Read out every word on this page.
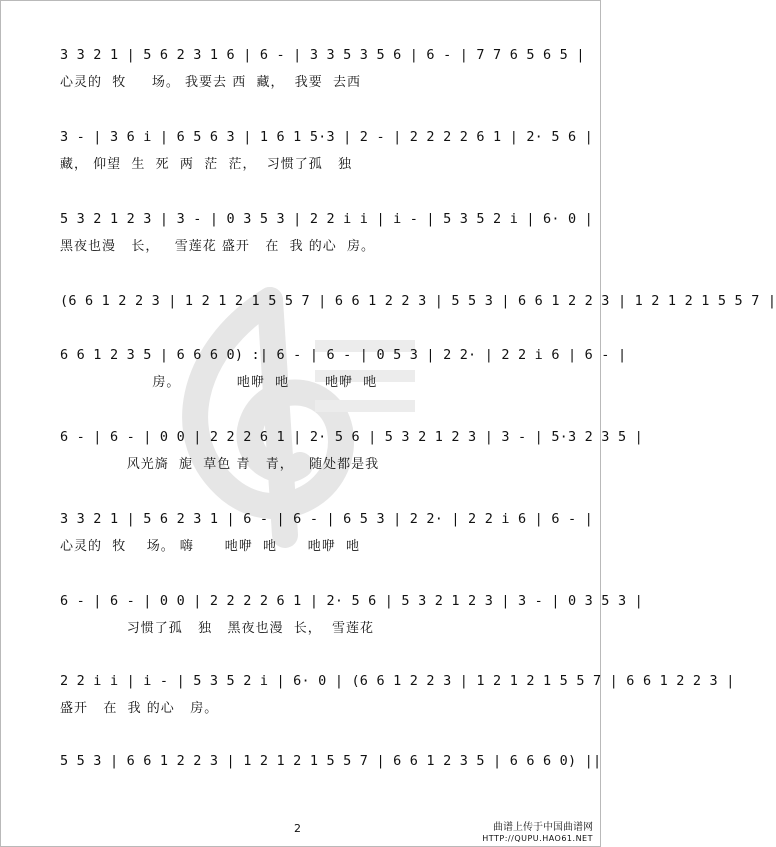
3 3 2 1 | 5 6 2 3 1 6 | 6 - | 3 3 5 3 5 6 | 6 - | 7 7 6 5 6 5 |
心灵的  牧     场。 我要去 西  藏，  我要  去西
3 - | 3 6 i | 6 5 6 3 | 1 6 1 5·3 | 2 - | 2 2 2 2 6 1 | 2· 5 6 |
藏， 仰望  生  死  两  茫  茫，  习惯了孤   独
5 3 2 1 2 3 | 3 - | 0 3 5 3 | 2 2 i i | i - | 5 3 5 2 i | 6· 0 |
黑夜也漫   长，   雪莲花 盛开   在  我 的心  房。
(6 6 1 2 2 3 | 1 2 1 2 1 5 5 7 | 6 6 1 2 2 3 | 5 5 3 | 6 6 1 2 2 3 | 1 2 1 2 1 5 5 7 |
6 6 1 2 3 5 | 6 6 6 0) :| 6 - | 6 - | 0 5 3 | 2 2· | 2 2 i 6 | 6 - |
房。           吔咿  吔       吔咿  吔
6 - | 6 - | 0 0 | 2 2 2 6 1 | 2· 5 6 | 5 3 2 1 2 3 | 3 - | 5·3 2 3 5 |
风光旖  旎  草色 青   青，   随处都是我
3 3 2 1 | 5 6 2 3 1 | 6 - | 6 - | 6 5 3 | 2 2· | 2 2 i 6 | 6 - |
心灵的  牧    场。 嗨      吔咿  吔      吔咿  吔
6 - | 6 - | 0 0 | 2 2 2 2 6 1 | 2· 5 6 | 5 3 2 1 2 3 | 3 - | 0 3 5 3 |
习惯了孤   独   黑夜也漫  长，  雪莲花
2 2 i i | i - | 5 3 5 2 i | 6· 0 | (6 6 1 2 2 3 | 1 2 1 2 1 5 5 7 | 6 6 1 2 2 3 |
盛开   在  我 的心   房。
5 5 3 | 6 6 1 2 2 3 | 1 2 1 2 1 5 5 7 | 6 6 1 2 3 5 | 6 6 6 0) ||
2	曲谱上传于中国曲谱网
HTTP://QUPU.HAO61.NET
